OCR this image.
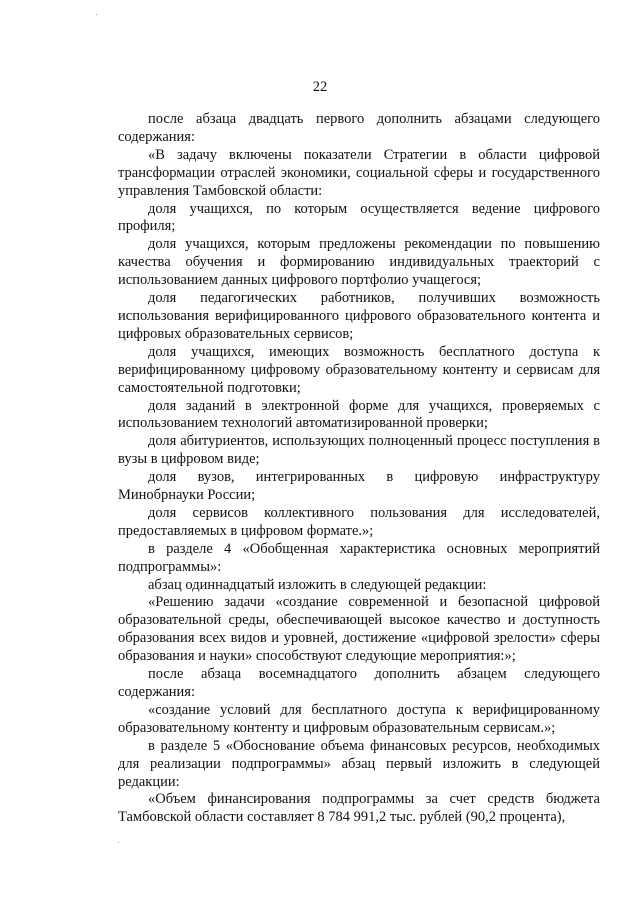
22

после абзаца двадцать первого дополнить абзацами следующего содержания:

«В задачу включены показатели Стратегии в области цифровой трансформации отраслей экономики, социальной сферы и государственного управления Тамбовской области:

доля учащихся, по которым осуществляется ведение цифрового профиля;

доля учащихся, которым предложены рекомендации по повышению качества обучения и формированию индивидуальных траекторий с использованием данных цифрового портфолио учащегося;

доля педагогических работников, получивших возможность использования верифицированного цифрового образовательного контента и цифровых образовательных сервисов;

доля учащихся, имеющих возможность бесплатного доступа к верифицированному цифровому образовательному контенту и сервисам для самостоятельной подготовки;

доля заданий в электронной форме для учащихся, проверяемых с использованием технологий автоматизированной проверки;

доля абитуриентов, использующих полноценный процесс поступления в вузы в цифровом виде;

доля вузов, интегрированных в цифровую инфраструктуру Минобрнауки России;

доля сервисов коллективного пользования для исследователей, предоставляемых в цифровом формате.»;

в разделе 4 «Обобщенная характеристика основных мероприятий подпрограммы»:

абзац одиннадцатый изложить в следующей редакции:

«Решению задачи «создание современной и безопасной цифровой образовательной среды, обеспечивающей высокое качество и доступность образования всех видов и уровней, достижение «цифровой зрелости» сферы образования и науки» способствуют следующие мероприятия:»;

после абзаца восемнадцатого дополнить абзацем следующего содержания:

«создание условий для бесплатного доступа к верифицированному образовательному контенту и цифровым образовательным сервисам.»;

в разделе 5 «Обоснование объема финансовых ресурсов, необходимых для реализации подпрограммы» абзац первый изложить в следующей редакции:

«Объем финансирования подпрограммы за счет средств бюджета Тамбовской области составляет 8 784 991,2 тыс. рублей (90,2 процента),
